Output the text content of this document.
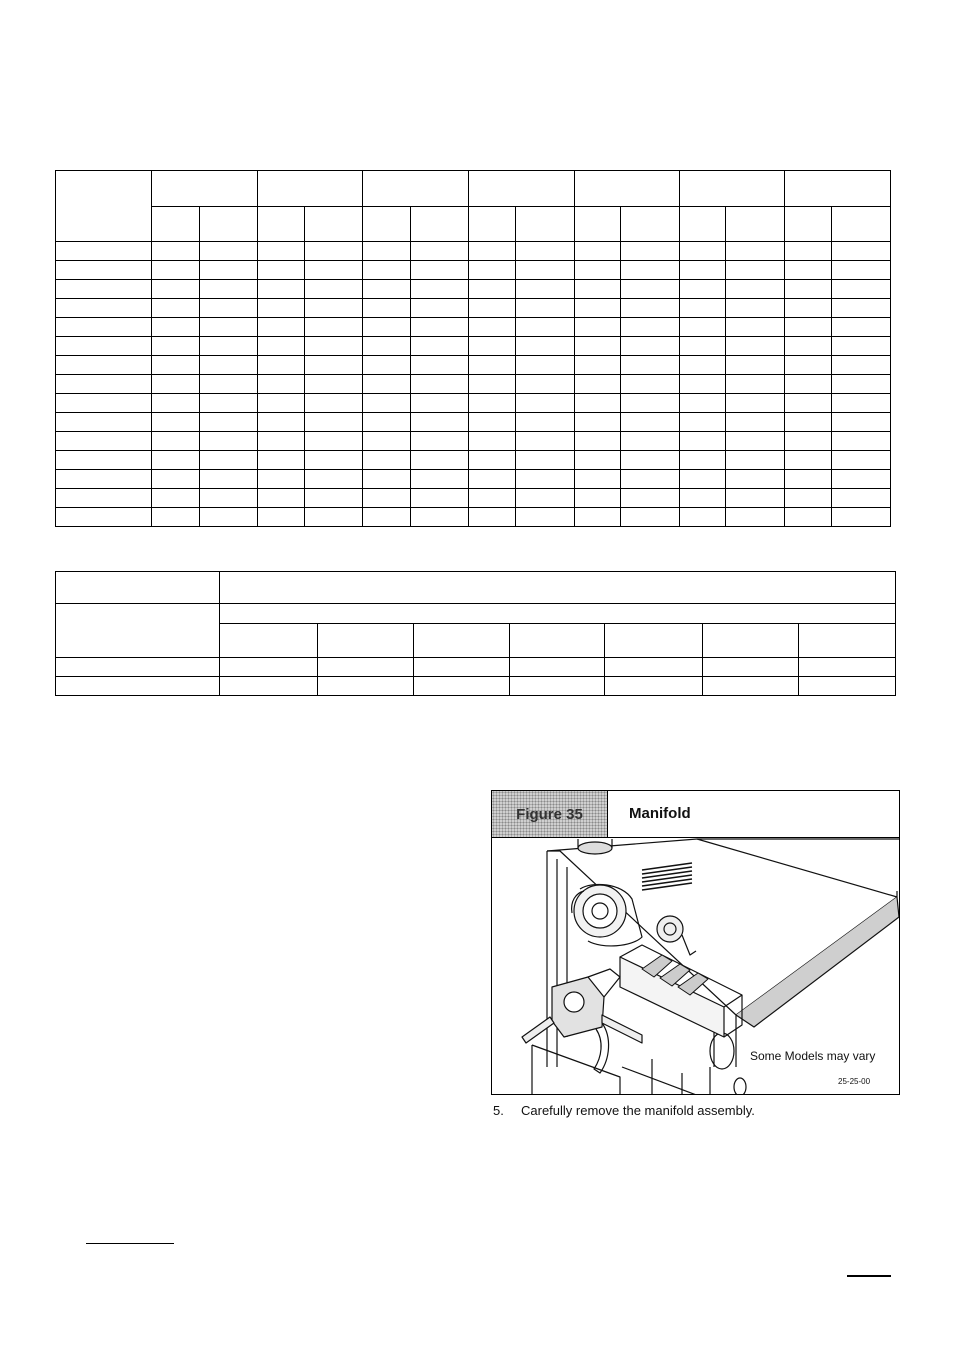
Figure 35	Manifold
Some Models may vary
25-25-00
5. Carefully remove the manifold assembly.
